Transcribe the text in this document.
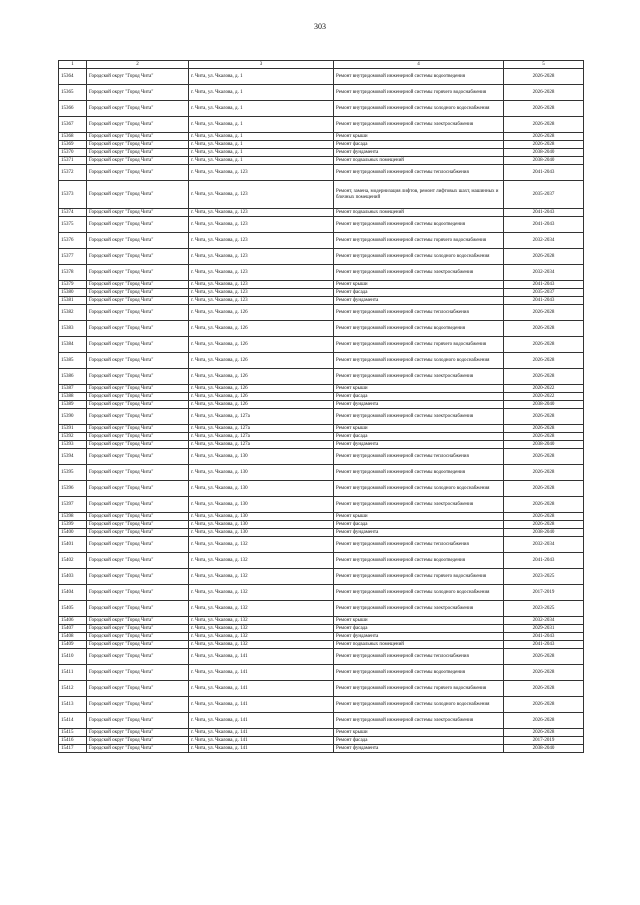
303
1	2	3	4	5
15364	Городской округ "Город Чита"	г. Чита, ул. Чкалова, д. 1	Ремонт внутридомовой инженерной системы водоотведения	2026-2028
15365	Городской округ "Город Чита"	г. Чита, ул. Чкалова, д. 1	Ремонт внутридомовой инженерной системы горячего водоснабжения	2026-2028
15366	Городской округ "Город Чита"	г. Чита, ул. Чкалова, д. 1	Ремонт внутридомовой инженерной системы холодного водоснабжения	2026-2028
15367	Городской округ "Город Чита"	г. Чита, ул. Чкалова, д. 1	Ремонт внутридомовой инженерной системы электроснабжения	2026-2028
15368	Городской округ "Город Чита"	г. Чита, ул. Чкалова, д. 1	Ремонт крыши	2026-2028
15369	Городской округ "Город Чита"	г. Чита, ул. Чкалова, д. 1	Ремонт фасада	2026-2028
15370	Городской округ "Город Чита"	г. Чита, ул. Чкалова, д. 1	Ремонт фундамента	2038-2040
15371	Городской округ "Город Чита"	г. Чита, ул. Чкалова, д. 1	Ремонт подвальных помещений	2038-2040
15372	Городской округ "Город Чита"	г. Чита, ул. Чкалова, д. 123	Ремонт внутридомовой инженерной системы теплоснабжения	2041-2043
15373	Городской округ "Город Чита"	г. Чита, ул. Чкалова, д. 123	Ремонт, замена, модернизация лифтов, ремонт лифтовых шахт, машинных и блочных помещений	2035-2037
15374	Городской округ "Город Чита"	г. Чита, ул. Чкалова, д. 123	Ремонт подвальных помещений	2041-2043
15375	Городской округ "Город Чита"	г. Чита, ул. Чкалова, д. 123	Ремонт внутридомовой инженерной системы водоотведения	2041-2043
15376	Городской округ "Город Чита"	г. Чита, ул. Чкалова, д. 123	Ремонт внутридомовой инженерной системы горячего водоснабжения	2032-2034
15377	Городской округ "Город Чита"	г. Чита, ул. Чкалова, д. 123	Ремонт внутридомовой инженерной системы холодного водоснабжения	2026-2028
15378	Городской округ "Город Чита"	г. Чита, ул. Чкалова, д. 123	Ремонт внутридомовой инженерной системы электроснабжения	2032-2034
15379	Городской округ "Город Чита"	г. Чита, ул. Чкалова, д. 123	Ремонт крыши	2041-2043
15380	Городской округ "Город Чита"	г. Чита, ул. Чкалова, д. 123	Ремонт фасада	2035-2037
15381	Городской округ "Город Чита"	г. Чита, ул. Чкалова, д. 123	Ремонт фундамента	2041-2043
15382	Городской округ "Город Чита"	г. Чита, ул. Чкалова, д. 126	Ремонт внутридомовой инженерной системы теплоснабжения	2026-2028
15383	Городской округ "Город Чита"	г. Чита, ул. Чкалова, д. 126	Ремонт внутридомовой инженерной системы водоотведения	2026-2028
15384	Городской округ "Город Чита"	г. Чита, ул. Чкалова, д. 126	Ремонт внутридомовой инженерной системы горячего водоснабжения	2026-2028
15385	Городской округ "Город Чита"	г. Чита, ул. Чкалова, д. 126	Ремонт внутридомовой инженерной системы холодного водоснабжения	2026-2028
15386	Городской округ "Город Чита"	г. Чита, ул. Чкалова, д. 126	Ремонт внутридомовой инженерной системы электроснабжения	2026-2028
15387	Городской округ "Город Чита"	г. Чита, ул. Чкалова, д. 126	Ремонт крыши	2020-2022
15388	Городской округ "Город Чита"	г. Чита, ул. Чкалова, д. 126	Ремонт фасада	2020-2022
15389	Городской округ "Город Чита"	г. Чита, ул. Чкалова, д. 126	Ремонт фундамента	2038-2040
15390	Городской округ "Город Чита"	г. Чита, ул. Чкалова, д. 127а	Ремонт внутридомовой инженерной системы электроснабжения	2026-2028
15391	Городской округ "Город Чита"	г. Чита, ул. Чкалова, д. 127а	Ремонт крыши	2026-2028
15392	Городской округ "Город Чита"	г. Чита, ул. Чкалова, д. 127а	Ремонт фасада	2026-2028
15393	Городской округ "Город Чита"	г. Чита, ул. Чкалова, д. 127а	Ремонт фундамента	2038-2040
15394	Городской округ "Город Чита"	г. Чита, ул. Чкалова, д. 130	Ремонт внутридомовой инженерной системы теплоснабжения	2026-2028
15395	Городской округ "Город Чита"	г. Чита, ул. Чкалова, д. 130	Ремонт внутридомовой инженерной системы водоотведения	2026-2028
15396	Городской округ "Город Чита"	г. Чита, ул. Чкалова, д. 130	Ремонт внутридомовой инженерной системы холодного водоснабжения	2026-2028
15397	Городской округ "Город Чита"	г. Чита, ул. Чкалова, д. 130	Ремонт внутридомовой инженерной системы электроснабжения	2026-2028
15398	Городской округ "Город Чита"	г. Чита, ул. Чкалова, д. 130	Ремонт крыши	2026-2028
15399	Городской округ "Город Чита"	г. Чита, ул. Чкалова, д. 130	Ремонт фасада	2026-2028
15400	Городской округ "Город Чита"	г. Чита, ул. Чкалова, д. 130	Ремонт фундамента	2038-2040
15401	Городской округ "Город Чита"	г. Чита, ул. Чкалова, д. 132	Ремонт внутридомовой инженерной системы теплоснабжения	2032-2034
15402	Городской округ "Город Чита"	г. Чита, ул. Чкалова, д. 132	Ремонт внутридомовой инженерной системы водоотведения	2041-2043
15403	Городской округ "Город Чита"	г. Чита, ул. Чкалова, д. 132	Ремонт внутридомовой инженерной системы горячего водоснабжения	2023-2025
15404	Городской округ "Город Чита"	г. Чита, ул. Чкалова, д. 132	Ремонт внутридомовой инженерной системы холодного водоснабжения	2017-2019
15405	Городской округ "Город Чита"	г. Чита, ул. Чкалова, д. 132	Ремонт внутридомовой инженерной системы электроснабжения	2023-2025
15406	Городской округ "Город Чита"	г. Чита, ул. Чкалова, д. 132	Ремонт крыши	2032-2034
15407	Городской округ "Город Чита"	г. Чита, ул. Чкалова, д. 132	Ремонт фасада	2029-2031
15408	Городской округ "Город Чита"	г. Чита, ул. Чкалова, д. 132	Ремонт фундамента	2041-2043
15409	Городской округ "Город Чита"	г. Чита, ул. Чкалова, д. 132	Ремонт подвальных помещений	2041-2043
15410	Городской округ "Город Чита"	г. Чита, ул. Чкалова, д. 141	Ремонт внутридомовой инженерной системы теплоснабжения	2026-2028
15411	Городской округ "Город Чита"	г. Чита, ул. Чкалова, д. 141	Ремонт внутридомовой инженерной системы водоотведения	2026-2028
15412	Городской округ "Город Чита"	г. Чита, ул. Чкалова, д. 141	Ремонт внутридомовой инженерной системы горячего водоснабжения	2026-2028
15413	Городской округ "Город Чита"	г. Чита, ул. Чкалова, д. 141	Ремонт внутридомовой инженерной системы холодного водоснабжения	2026-2028
15414	Городской округ "Город Чита"	г. Чита, ул. Чкалова, д. 141	Ремонт внутридомовой инженерной системы электроснабжения	2026-2028
15415	Городской округ "Город Чита"	г. Чита, ул. Чкалова, д. 141	Ремонт крыши	2026-2028
15416	Городской округ "Город Чита"	г. Чита, ул. Чкалова, д. 141	Ремонт фасада	2017-2019
15417	Городской округ "Город Чита"	г. Чита, ул. Чкалова, д. 141	Ремонт фундамента	2038-2040
